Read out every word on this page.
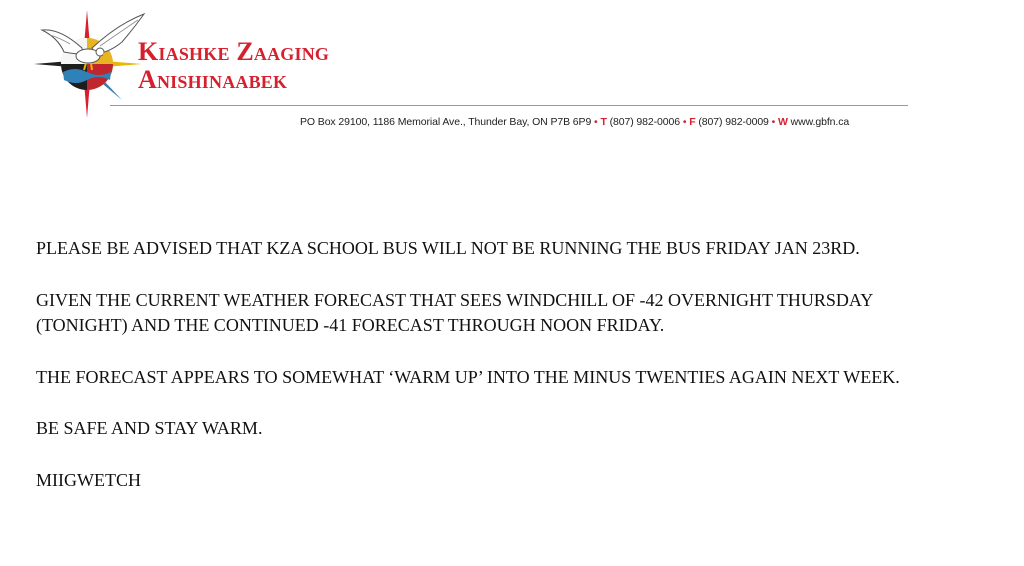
Kiashke Zaaging
Anishinaabek
PO Box 29100, 1186 Memorial Ave., Thunder Bay, ON P7B 6P9 • T (807) 982-0006 • F (807) 982-0009 • W www.gbfn.ca

PLEASE BE ADVISED THAT KZA SCHOOL BUS WILL NOT BE RUNNING THE BUS FRIDAY JAN 23RD.

GIVEN THE CURRENT WEATHER FORECAST THAT SEES WINDCHILL OF -42 OVERNIGHT THURSDAY (TONIGHT) AND THE CONTINUED -41 FORECAST THROUGH NOON FRIDAY.

THE FORECAST APPEARS TO SOMEWHAT ‘WARM UP’ INTO THE MINUS TWENTIES AGAIN NEXT WEEK.

BE SAFE AND STAY WARM.

MIIGWETCH
